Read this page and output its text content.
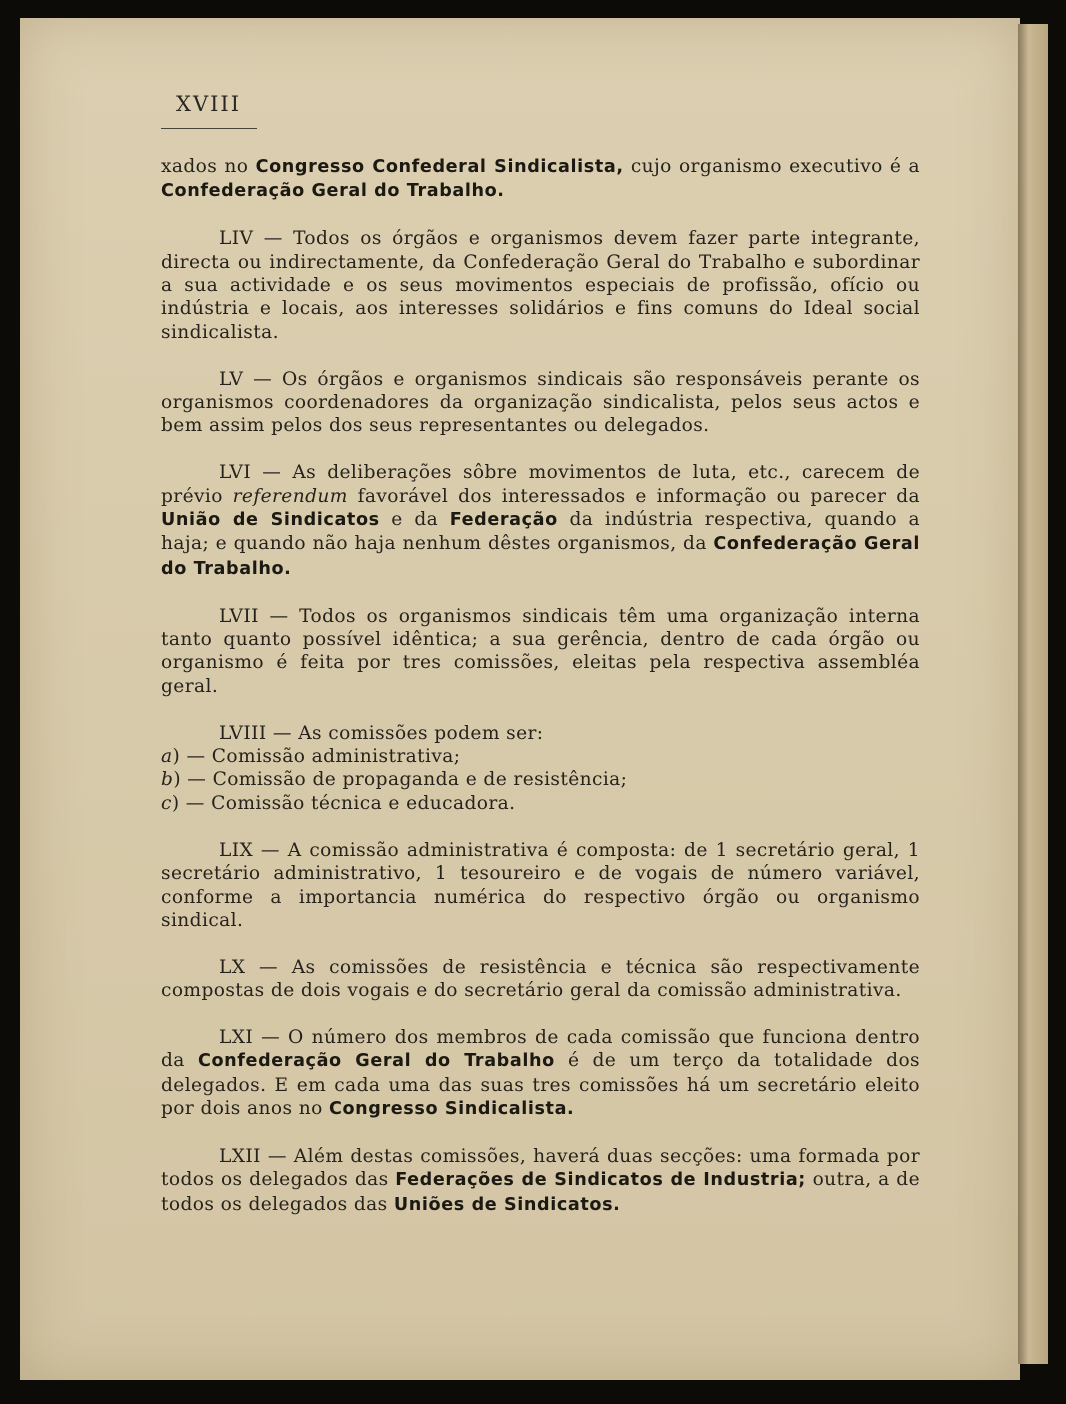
XVIII

xados no Congresso Confederal Sindicalista, cujo organismo executivo é a Confederação Geral do Trabalho.

LIV — Todos os órgãos e organismos devem fazer parte integrante, directa ou indirectamente, da Confederação Geral do Trabalho e subordinar a sua actividade e os seus movimentos especiais de profissão, ofício ou indústria e locais, aos interesses solidários e fins comuns do Ideal social sindicalista.

LV — Os órgãos e organismos sindicais são responsáveis perante os organismos coordenadores da organização sindicalista, pelos seus actos e bem assim pelos dos seus representantes ou delegados.

LVI — As deliberações sôbre movimentos de luta, etc., carecem de prévio referendum favorável dos interessados e informação ou parecer da União de Sindicatos e da Federação da indústria respectiva, quando a haja; e quando não haja nenhum dêstes organismos, da Confederação Geral do Trabalho.

LVII — Todos os organismos sindicais têm uma organização interna tanto quanto possível idêntica; a sua gerência, dentro de cada órgão ou organismo é feita por tres comissões, eleitas pela respectiva assembléa geral.

LVIII — As comissões podem ser:
a) — Comissão administrativa;
b) — Comissão de propaganda e de resistência;
c) — Comissão técnica e educadora.

LIX — A comissão administrativa é composta: de 1 secretário geral, 1 secretário administrativo, 1 tesoureiro e de vogais de número variável, conforme a importancia numérica do respectivo órgão ou organismo sindical.

LX — As comissões de resistência e técnica são respectivamente compostas de dois vogais e do secretário geral da comissão administrativa.

LXI — O número dos membros de cada comissão que funciona dentro da Confederação Geral do Trabalho é de um terço da totalidade dos delegados. E em cada uma das suas tres comissões há um secretário eleito por dois anos no Congresso Sindicalista.

LXII — Além destas comissões, haverá duas secções: uma formada por todos os delegados das Federações de Sindicatos de Industria; outra, a de todos os delegados das Uniões de Sindicatos.
